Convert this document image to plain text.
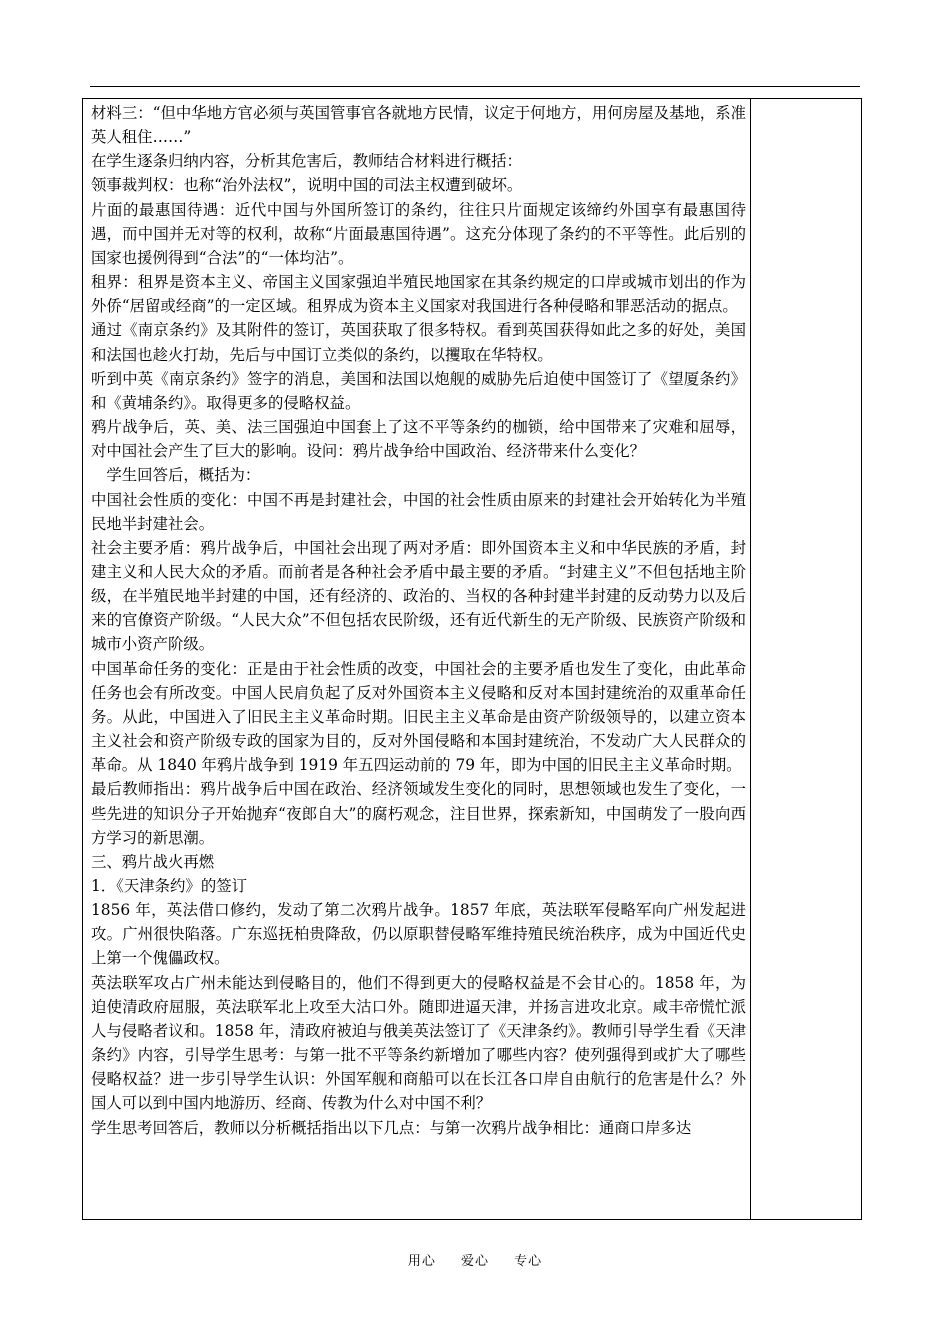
材料三：“但中华地方官必须与英国管事官各就地方民情，议定于何地方，用何房屋及基地，系准英人租住……”

在学生逐条归纳内容，分析其危害后，教师结合材料进行概括：

领事裁判权：也称“治外法权”，说明中国的司法主权遭到破坏。

片面的最惠国待遇：近代中国与外国所签订的条约，往往只片面规定该缔约外国享有最惠国待遇，而中国并无对等的权利，故称“片面最惠国待遇”。这充分体现了条约的不平等性。此后别的国家也援例得到“合法”的“一体均沾”。

租界：租界是资本主义、帝国主义国家强迫半殖民地国家在其条约规定的口岸或城市划出的作为外侨“居留或经商”的一定区域。租界成为资本主义国家对我国进行各种侵略和罪恶活动的据点。

通过《南京条约》及其附件的签订，英国获取了很多特权。看到英国获得如此之多的好处，美国和法国也趁火打劫，先后与中国订立类似的条约，以攫取在华特权。

听到中英《南京条约》签字的消息，美国和法国以炮舰的威胁先后迫使中国签订了《望厦条约》和《黄埔条约》。取得更多的侵略权益。

鸦片战争后，英、美、法三国强迫中国套上了这不平等条约的枷锁，给中国带来了灾难和屈辱，对中国社会产生了巨大的影响。设问：鸦片战争给中国政治、经济带来什么变化？

学生回答后，概括为：

中国社会性质的变化：中国不再是封建社会，中国的社会性质由原来的封建社会开始转化为半殖民地半封建社会。

社会主要矛盾：鸦片战争后，中国社会出现了两对矛盾：即外国资本主义和中华民族的矛盾，封建主义和人民大众的矛盾。而前者是各种社会矛盾中最主要的矛盾。“封建主义”不但包括地主阶级，在半殖民地半封建的中国，还有经济的、政治的、当权的各种封建半封建的反动势力以及后来的官僚资产阶级。“人民大众”不但包括农民阶级，还有近代新生的无产阶级、民族资产阶级和城市小资产阶级。

中国革命任务的变化：正是由于社会性质的改变，中国社会的主要矛盾也发生了变化，由此革命任务也会有所改变。中国人民肩负起了反对外国资本主义侵略和反对本国封建统治的双重革命任务。从此，中国进入了旧民主主义革命时期。旧民主主义革命是由资产阶级领导的，以建立资本主义社会和资产阶级专政的国家为目的，反对外国侵略和本国封建统治，不发动广大人民群众的革命。从 1840 年鸦片战争到 1919 年五四运动前的 79 年，即为中国的旧民主主义革命时期。

最后教师指出：鸦片战争后中国在政治、经济领域发生变化的同时，思想领域也发生了变化，一些先进的知识分子开始抛弃“夜郎自大”的腐朽观念，注目世界，探索新知，中国萌发了一股向西方学习的新思潮。

三、鸦片战火再燃

1．《天津条约》的签订

1856 年，英法借口修约，发动了第二次鸦片战争。1857 年底，英法联军侵略军向广州发起进攻。广州很快陷落。广东巡抚柏贵降敌，仍以原职替侵略军维持殖民统治秩序，成为中国近代史上第一个傀儡政权。

英法联军攻占广州未能达到侵略目的，他们不得到更大的侵略权益是不会甘心的。1858 年，为迫使清政府屈服，英法联军北上攻至大沽口外。随即进逼天津，并扬言进攻北京。咸丰帝慌忙派人与侵略者议和。1858 年，清政府被迫与俄美英法签订了《天津条约》。教师引导学生看《天津条约》内容，引导学生思考：与第一批不平等条约新增加了哪些内容？使列强得到或扩大了哪些侵略权益？进一步引导学生认识：外国军舰和商船可以在长江各口岸自由航行的危害是什么？外国人可以到中国内地游历、经商、传教为什么对中国不利？

学生思考回答后，教师以分析概括指出以下几点：与第一次鸦片战争相比：通商口岸多达

用心 爱心 专心
